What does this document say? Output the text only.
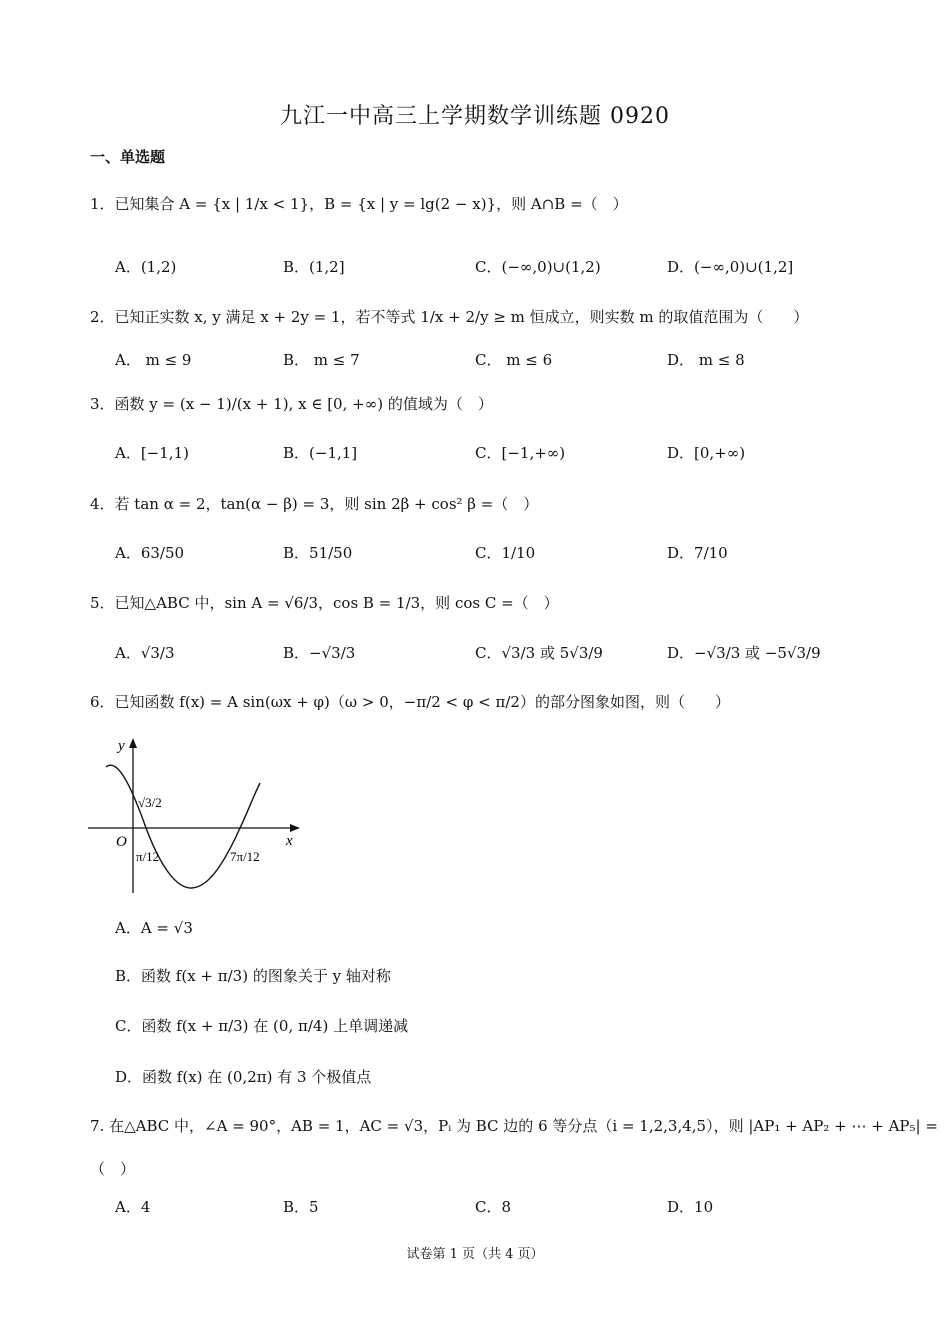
九江一中高三上学期数学训练题 0920
一、单选题
1．已知集合 A = {x | 1/x < 1}，B = {x | y = lg(2 − x)}，则 A∩B =（　）
A．(1,2)	B．(1,2]	C．(−∞,0)∪(1,2)	D．(−∞,0)∪(1,2]
2．已知正实数 x, y 满足 x + 2y = 1，若不等式 1/x + 2/y ≥ m 恒成立，则实数 m 的取值范围为（　　）
A． m ≤ 9	B． m ≤ 7	C． m ≤ 6	D． m ≤ 8
3．函数 y = (x − 1)/(x + 1), x ∈ [0, +∞) 的值域为（　）
A．[−1,1)	B．(−1,1]	C．[−1,+∞)	D．[0,+∞)
4．若 tan α = 2，tan(α − β) = 3，则 sin 2β + cos² β =（　）
A．63/50	B．51/50	C．1/10	D．7/10
5．已知△ABC 中，sin A = √6/3，cos B = 1/3，则 cos C =（　）
A．√3/3	B．−√3/3	C．√3/3 或 5√3/9	D．−√3/3 或 −5√3/9
6．已知函数 f(x) = A sin(ωx + φ)（ω > 0，−π/2 < φ < π/2）的部分图象如图，则（　　）
y
x
O
√3/2
π/12	7π/12
A．A = √3
B．函数 f(x + π/3) 的图象关于 y 轴对称
C．函数 f(x + π/3) 在 (0, π/4) 上单调递减
D．函数 f(x) 在 (0,2π) 有 3 个极值点
7. 在△ABC 中，∠A = 90°，AB = 1，AC = √3，Pᵢ 为 BC 边的 6 等分点（i = 1,2,3,4,5），则 |AP₁ + AP₂ + ⋯ + AP₅| =
（　）
A．4	B．5	C．8	D．10
试卷第 1 页（共 4 页）
